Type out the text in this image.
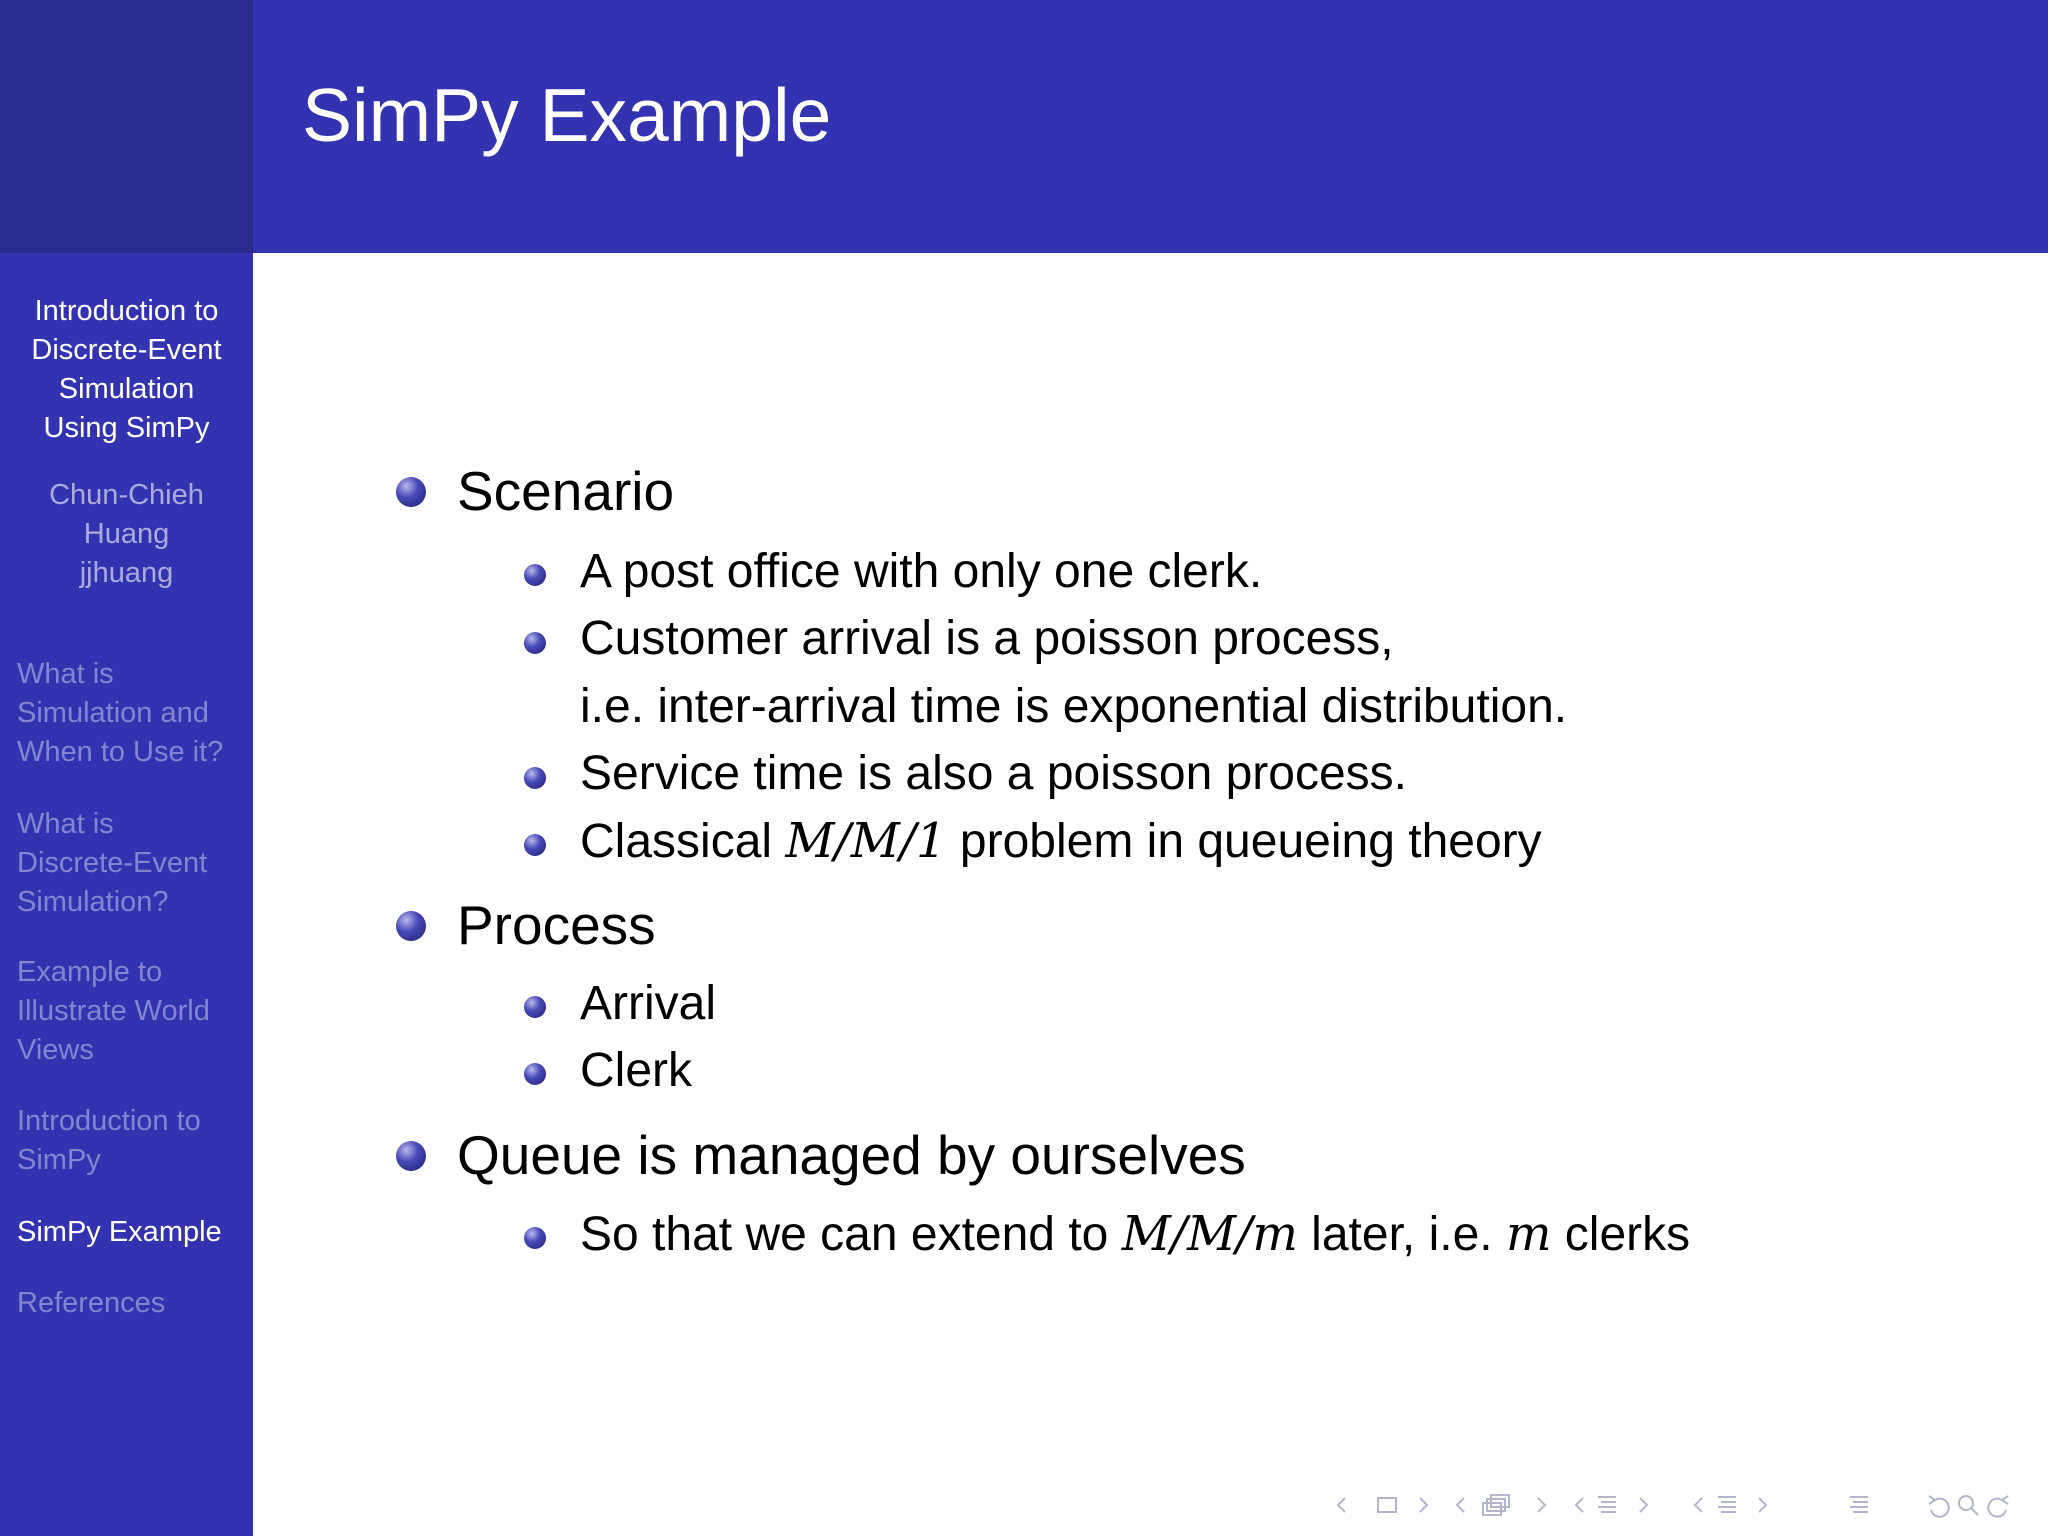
Introduction to
Discrete-Event
Simulation
Using SimPy
Chun-Chieh
Huang
jjhuang
What is
Simulation and
When to Use it?
What is
Discrete-Event
Simulation?
Example to
Illustrate World
Views
Introduction to
SimPy
SimPy Example
References
SimPy Example
Scenario
A post office with only one clerk.
Customer arrival is a poisson process,
i.e. inter-arrival time is exponential distribution.
Service time is also a poisson process.
Classical M/M/1 problem in queueing theory
Process
Arrival
Clerk
Queue is managed by ourselves
So that we can extend to M/M/m later, i.e. m clerks
